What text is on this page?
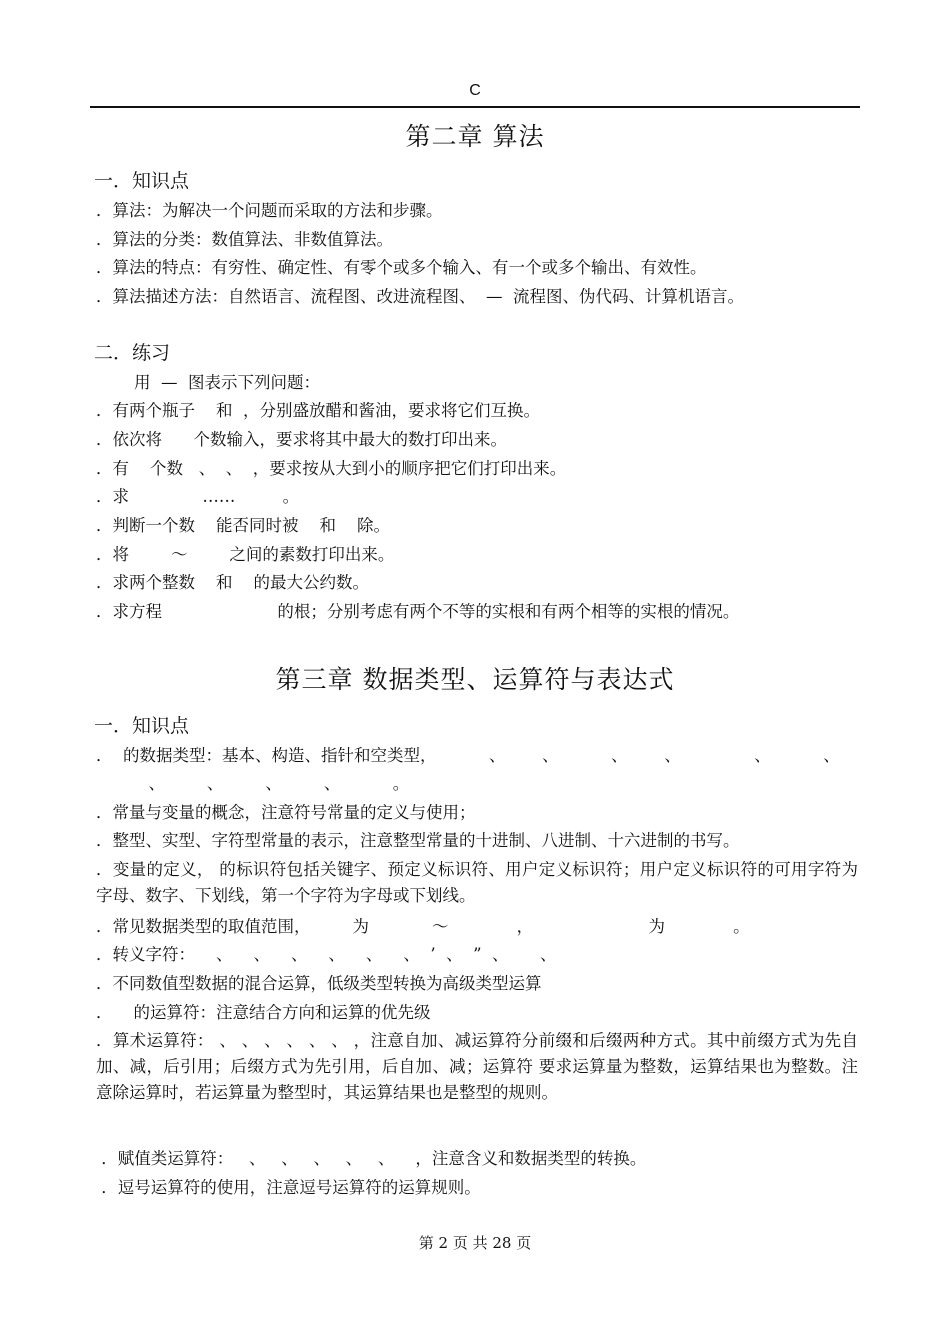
C
第二章 算法
一．知识点
．算法：为解决一个问题而采取的方法和步骤。
．算法的分类：数值算法、非数值算法。
．算法的特点：有穷性、确定性、有零个或多个输入、有一个或多个输出、有效性。
．算法描述方法：自然语言、流程图、改进流程图、  —  流程图、伪代码、计算机语言。
二．练习
用  —  图表示下列问题：
．有两个瓶子    和  ，分别盛放醋和酱油，要求将它们互换。
．依次将      个数输入，要求将其中最大的数打印出来。
．有    个数   、  、  ，要求按从大到小的顺序把它们打印出来。
．求              ……         。
．判断一个数    能否同时被    和    除。
．将        ～        之间的素数打印出来。
．求两个整数    和    的最大公约数。
．求方程                      的根；分别考虑有两个不等的实根和有两个相等的实根的情况。
第三章 数据类型、运算符与表达式
一．知识点
．  的数据类型：基本、构造、指针和空类型，          、       、          、       、              、          、
、        、        、        、          。
．常量与变量的概念，注意符号常量的定义与使用；
．整型、实型、字符型常量的表示，注意整型常量的十进制、八进制、十六进制的书写。
．变量的定义， 的标识符包括关键字、预定义标识符、用户定义标识符；用户定义标识符的可用字符为字母、数字、下划线，第一个字符为字母或下划线。
．常见数据类型的取值范围，        为            ～             ，                      为             。
．转义字符：    、    、    、    、    、    、  ’  、  ”  、      、
．不同数值型数据的混合运算，低级类型转换为高级类型运算
．    的运算符：注意结合方向和运算的优先级
．算术运算符： 、 、 、 、 、 、 ，注意自加、减运算符分前缀和后缀两种方式。其中前缀方式为先自加、减，后引用；后缀方式为先引用，后自加、减；运算符 要求运算量为整数，运算结果也为整数。注意除运算时，若运算量为整型时，其运算结果也是整型的规则。
．赋值类运算符：   、   、   、   、   、    ，注意含义和数据类型的转换。
．逗号运算符的使用，注意逗号运算符的运算规则。
第 2 页 共 28 页
